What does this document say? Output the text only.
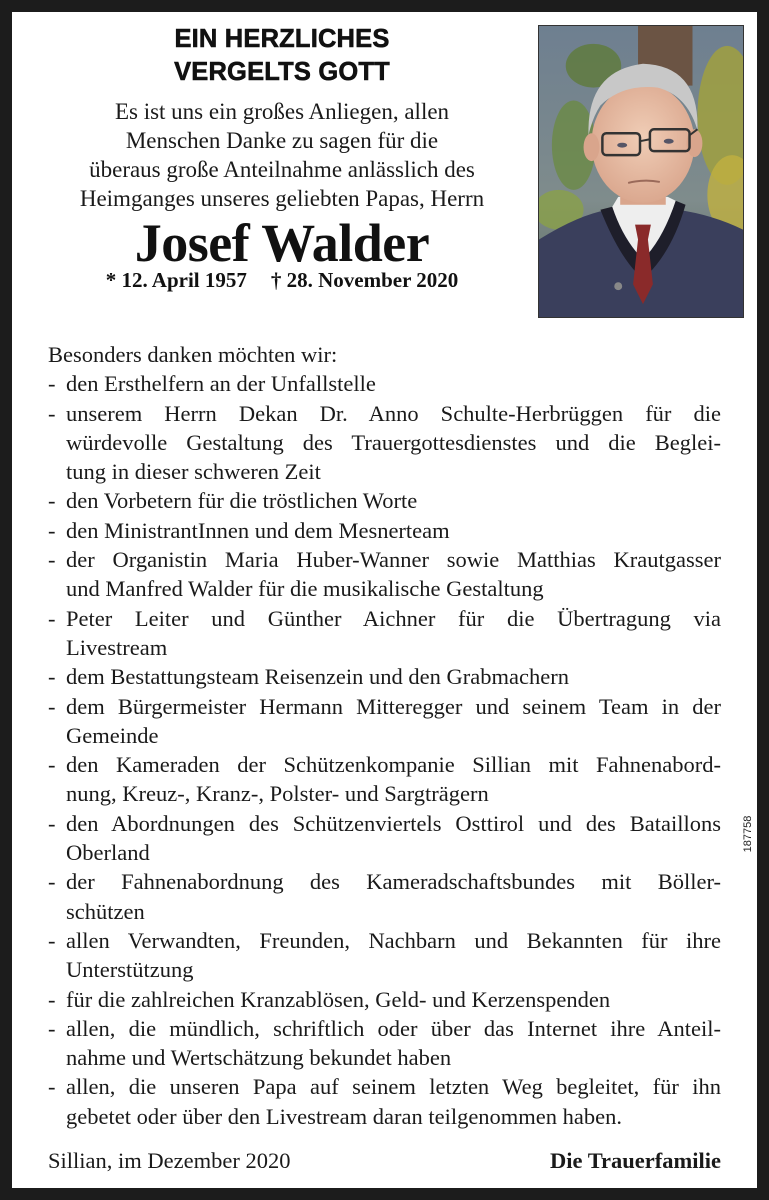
EIN HERZLICHES
VERGELTS GOTT
Es ist uns ein großes Anliegen, allen
Menschen Danke zu sagen für die
überaus große Anteilnahme anlässlich des
Heimganges unseres geliebten Papas, Herrn
Josef Walder
* 12. April 1957 † 28. November 2020
Besonders danken möchten wir:
- den Ersthelfern an der Unfallstelle
- unserem Herrn Dekan Dr. Anno Schulte-Herbrüggen für die
würdevolle Gestaltung des Trauergottesdienstes und die Beglei-
tung in dieser schweren Zeit
- den Vorbetern für die tröstlichen Worte
- den MinistrantInnen und dem Mesnerteam
- der Organistin Maria Huber-Wanner sowie Matthias Krautgasser
und Manfred Walder für die musikalische Gestaltung
- Peter Leiter und Günther Aichner für die Übertragung via
Livestream
- dem Bestattungsteam Reisenzein und den Grabmachern
- dem Bürgermeister Hermann Mitteregger und seinem Team in der
Gemeinde
- den Kameraden der Schützenkompanie Sillian mit Fahnenabord-
nung, Kreuz-, Kranz-, Polster- und Sargträgern
- den Abordnungen des Schützenviertels Osttirol und des Bataillons
Oberland
- der Fahnenabordnung des Kameradschaftsbundes mit Böller-
schützen
- allen Verwandten, Freunden, Nachbarn und Bekannten für ihre
Unterstützung
- für die zahlreichen Kranzablösen, Geld- und Kerzenspenden
- allen, die mündlich, schriftlich oder über das Internet ihre Anteil-
nahme und Wertschätzung bekundet haben
- allen, die unseren Papa auf seinem letzten Weg begleitet, für ihn
gebetet oder über den Livestream daran teilgenommen haben.
Sillian, im Dezember 2020	Die Trauerfamilie
187758
